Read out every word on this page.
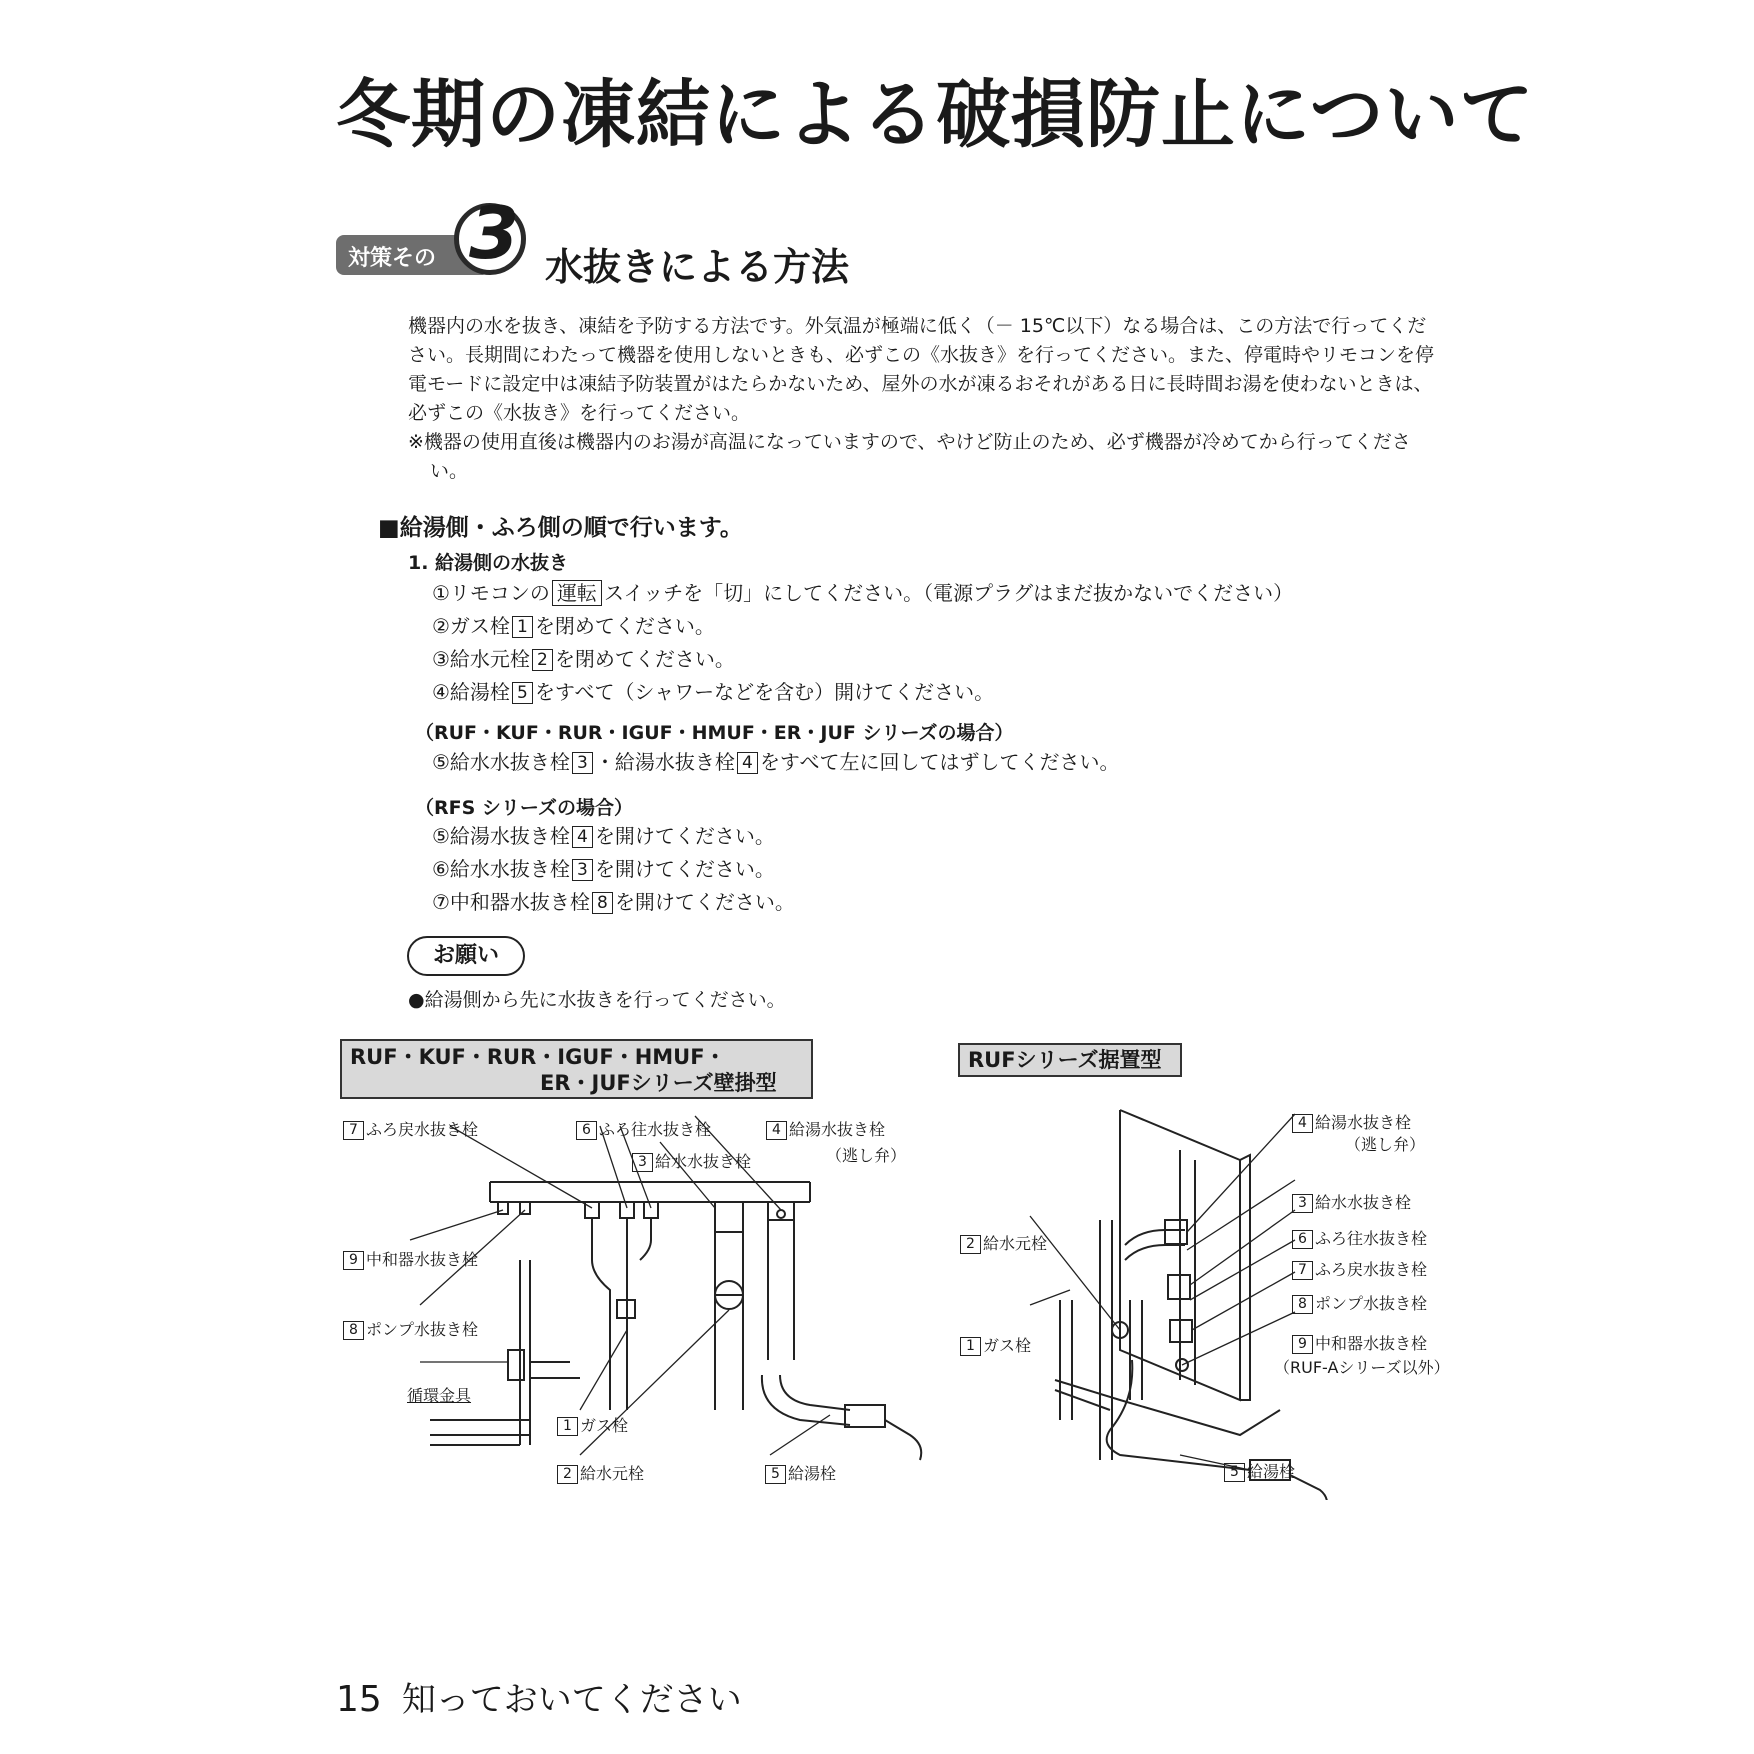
冬期の凍結による破損防止について
対策その 3 水抜きによる方法

機器内の水を抜き、凍結を予防する方法です。外気温が極端に低く（－ 15℃以下）なる場合は、この方法で行ってください。長期間にわたって機器を使用しないときも、必ずこの《水抜き》を行ってください。また、停電時やリモコンを停電モードに設定中は凍結予防装置がはたらかないため、屋外の水が凍るおそれがある日に長時間お湯を使わないときは、必ずこの《水抜き》を行ってください。

※機器の使用直後は機器内のお湯が高温になっていますので、やけど防止のため、必ず機器が冷めてから行ってください。

■給湯側・ふろ側の順で行います。
1. 給湯側の水抜き
①リモコンの 運転 スイッチを「切」にしてください。（電源プラグはまだ抜かないでください）
②ガス栓 1 を閉めてください。
③給水元栓 2 を閉めてください。
④給湯栓 5 をすべて（シャワーなどを含む）開けてください。
（RUF・KUF・RUR・IGUF・HMUF・ER・JUF シリーズの場合）
⑤給水水抜き栓 3 ・給湯水抜き栓 4 をすべて左に回してはずしてください。
（RFS シリーズの場合）
⑤給湯水抜き栓 4 を開けてください。
⑥給水水抜き栓 3 を開けてください。
⑦中和器水抜き栓 8 を開けてください。
お願い
●給湯側から先に水抜きを行ってください。
RUF・KUF・RUR・IGUF・HMUF・
ER・JUFシリーズ壁掛型
RUFシリーズ据置型
7 ふろ戻水抜き栓	6 ふろ往水抜き栓	4 給湯水抜き栓
（逃し弁）
3 給水水抜き栓
9 中和器水抜き栓
8 ポンプ水抜き栓
循環金具
1 ガス栓
2 給水元栓	5 給湯栓
4 給湯水抜き栓
（逃し弁）
3 給水水抜き栓
6 ふろ往水抜き栓
7 ふろ戻水抜き栓
8 ポンプ水抜き栓
9 中和器水抜き栓
（RUF-Aシリーズ以外）
2 給水元栓
1 ガス栓
5 給湯栓
15 知っておいてください
